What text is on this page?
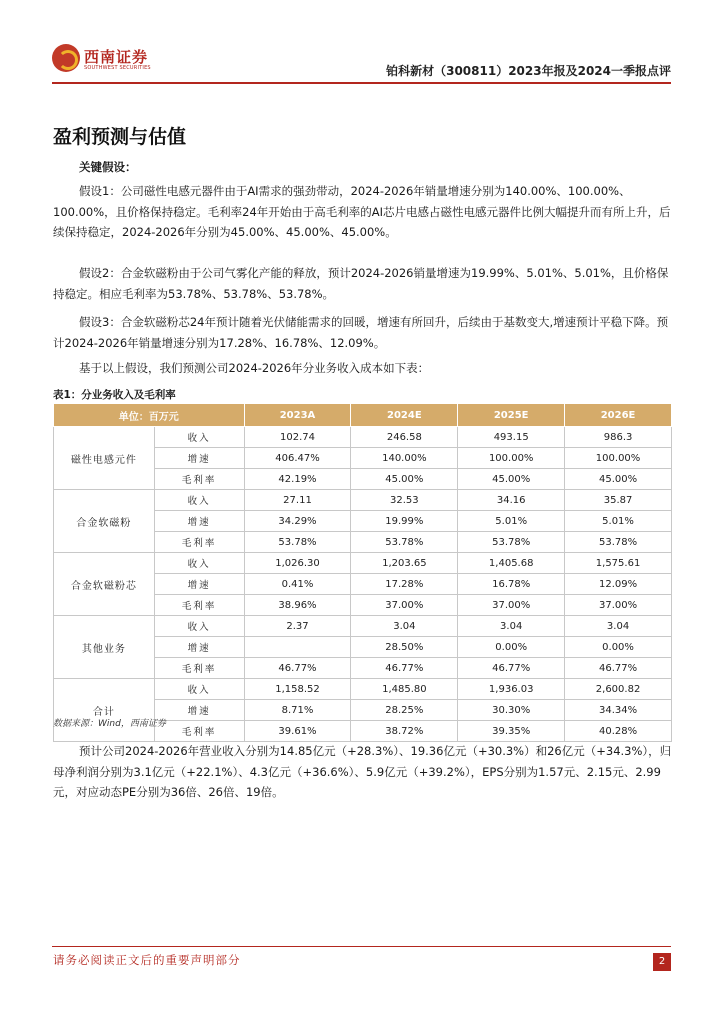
西南证券
SOUTHWEST SECURITIES	铂科新材（300811）2023年报及2024一季报点评
盈利预测与估值
关键假设：
假设1：公司磁性电感元器件由于AI需求的强劲带动，2024-2026年销量增速分别为140.00%、100.00%、100.00%，且价格保持稳定。毛利率24年开始由于高毛利率的AI芯片电感占磁性电感元器件比例大幅提升而有所上升，后续保持稳定，2024-2026年分别为45.00%、45.00%、45.00%。
假设2：合金软磁粉由于公司气雾化产能的释放，预计2024-2026销量增速为19.99%、5.01%、5.01%，且价格保持稳定。相应毛利率为53.78%、53.78%、53.78%。
假设3：合金软磁粉芯24年预计随着光伏储能需求的回暖，增速有所回升，后续由于基数变大,增速预计平稳下降。预计2024-2026年销量增速分别为17.28%、16.78%、12.09%。
基于以上假设，我们预测公司2024-2026年分业务收入成本如下表：
表1：分业务收入及毛利率
单位：百万元		2023A	2024E	2025E	2026E
磁性电感元件	收入	102.74	246.58	493.15	986.3
	增速	406.47%	140.00%	100.00%	100.00%
	毛利率	42.19%	45.00%	45.00%	45.00%
合金软磁粉	收入	27.11	32.53	34.16	35.87
	增速	34.29%	19.99%	5.01%	5.01%
	毛利率	53.78%	53.78%	53.78%	53.78%
合金软磁粉芯	收入	1,026.30	1,203.65	1,405.68	1,575.61
	增速	0.41%	17.28%	16.78%	12.09%
	毛利率	38.96%	37.00%	37.00%	37.00%
其他业务	收入	2.37	3.04	3.04	3.04
	增速		28.50%	0.00%	0.00%
	毛利率	46.77%	46.77%	46.77%	46.77%
合计	收入	1,158.52	1,485.80	1,936.03	2,600.82
	增速	8.71%	28.25%	30.30%	34.34%
	毛利率	39.61%	38.72%	39.35%	40.28%
数据来源：Wind，西南证券
预计公司2024-2026年营业收入分别为14.85亿元（+28.3%）、19.36亿元（+30.3%）和26亿元（+34.3%），归母净利润分别为3.1亿元（+22.1%）、4.3亿元（+36.6%）、5.9亿元（+39.2%），EPS分别为1.57元、2.15元、2.99元，对应动态PE分别为36倍、26倍、19倍。
请务必阅读正文后的重要声明部分	2
